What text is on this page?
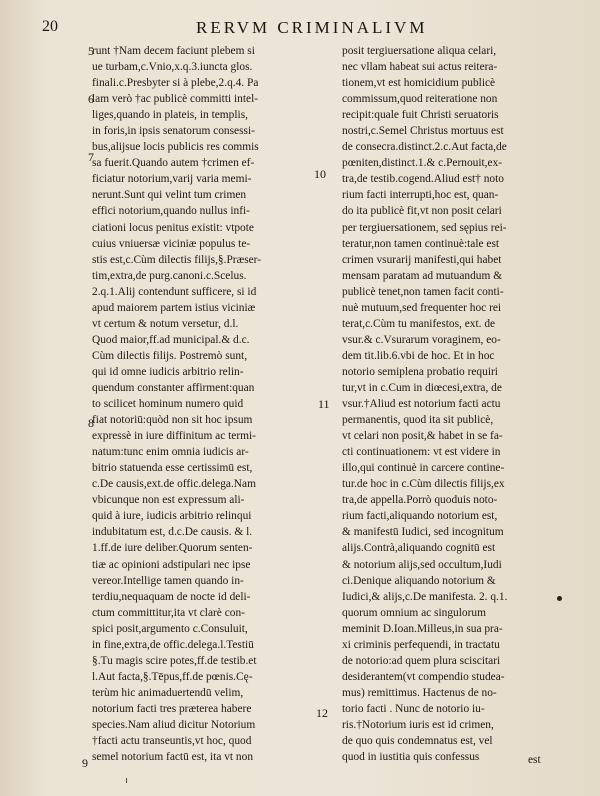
20	RERVM CRIMINALIVM
5
6
7
8
9
10
11
12
runt †Nam decem faciunt plebem si
ue turbam,c.Vnio,x.q.3.iuncta glos.
finali.c.Presbyter si à plebe,2.q.4. Pa
lam verò †ac publicè committi intel-
liges,quando in plateis, in templis,
in foris,in ipsis senatorum consessi-
bus,alijsue locis publicis res commis
sa fuerit.Quando autem †crimen ef-
ficiatur notorium,varij varia memi-
nerunt.Sunt qui velint tum crimen
effici notorium,quando nullus infi-
ciationi locus penitus existit: vtpote
cuius vniuersæ viciniæ populus te-
stis est,c.Cùm dilectis filijs,§.Præser-
tim,extra,de purg.canoni.c.Scelus.
2.q.1.Alij contendunt sufficere, si id
apud maiorem partem istius viciniæ
vt certum & notum versetur, d.l.
Quod maior,ff.ad municipal.& d.c.
Cùm dilectis filijs. Postremò sunt,
qui id omne iudicis arbitrio relin-
quendum constanter affirment:quan
to scilicet hominum numero quid
fiat notoriū:quòd non sit hoc ipsum
expressè in iure diffinitum ac termi-
natum:tunc enim omnia iudicis ar-
bitrio statuenda esse certissimū est,
c.De causis,ext.de offic.delega.Nam
vbicunque non est expressum ali-
quid à iure, iudicis arbitrio relinqui
indubitatum est, d.c.De causis. & l.
1.ff.de iure deliber.Quorum senten-
tiæ ac opinioni adstipulari nec ipse
vereor.Intellige tamen quando in-
terdiu,nequaquam de nocte id deli-
ctum committitur,ita vt clarè con-
spici posit,argumento c.Consuluit,
in fine,extra,de offic.delega.l.Testiū
§.Tu magis scire potes,ff.de testib.et
l.Aut facta,§.Tēpus,ff.de pœnis.Cę-
terùm hic animaduertendū velim,
notorium facti tres præterea habere
species.Nam aliud dicitur Notorium
†facti actu transeuntis,vt hoc, quod
semel notorium factū est, ita vt non
posit tergiuersatione aliqua celari,
nec vllam habeat sui actus reitera-
tionem,vt est homicidium publicè
commissum,quod reiteratione non
recipit:quale fuit Christi seruatoris
nostri,c.Semel Christus mortuus est
de consecra.distinct.2.c.Aut facta,de
pœniten,distinct.1.& c.Pernouit,ex-
tra,de testib.cogend.Aliud est† noto
rium facti interrupti,hoc est, quan-
do ita publicè fit,vt non posit celari
per tergiuersationem, sed sępius rei-
teratur,non tamen continuè:tale est
crimen vsurarij manifesti,qui habet
mensam paratam ad mutuandum &
publicè tenet,non tamen facit conti-
nuè mutuum,sed frequenter hoc rei
terat,c.Cùm tu manifestos, ext. de
vsur.& c.Vsurarum voraginem, eo-
dem tit.lib.6.vbi de hoc. Et in hoc
notorio semiplena probatio requiri
tur,vt in c.Cum in diœcesi,extra, de
vsur.†Aliud est notorium facti actu
permanentis, quod ita sit publicè,
vt celari non posit,& habet in se fa-
cti continuationem: vt est videre in
illo,qui continuè in carcere contine-
tur.de hoc in c.Cùm dilectis filijs,ex
tra,de appella.Porrò quoduis noto-
rium facti,aliquando notorium est,
& manifestū Iudici, sed incognitum
alijs.Contrà,aliquando cognitū est
& notorium alijs,sed occultum,Iudi
ci.Denique aliquando notorium &
Iudici,& alijs,c.De manifesta. 2. q.1.
quorum omnium ac singulorum
meminit D.Ioan.Milleus,in sua pra-
xi criminis perfequendi, in tractatu
de notorio:ad quem plura sciscitari
desiderantem(vt compendio studea-
mus) remittimus. Hactenus de no-
torio facti . Nunc de notorio iu-
ris.†Notorium iuris est id crimen,
de quo quis condemnatus est, vel
quod in iustitia quis confessus	est
